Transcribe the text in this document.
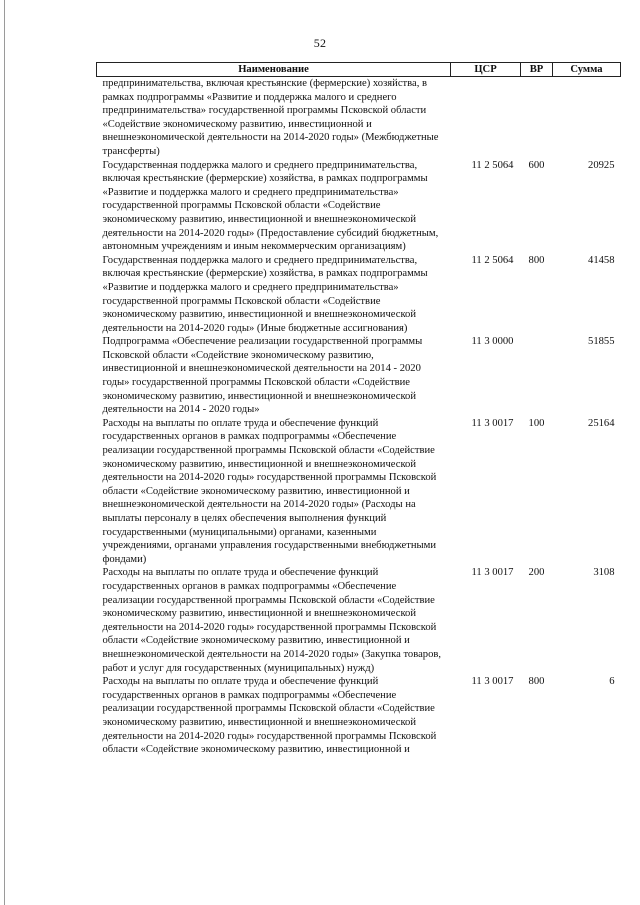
52
Наименование	ЦСР	ВР	Сумма
предпринимательства, включая крестьянские (фермерские) хозяйства, в рамках подпрограммы «Развитие и поддержка малого и среднего предпринимательства» государственной программы Псковской области «Содействие экономическому развитию, инвестиционной и внешнеэкономической деятельности на 2014-2020 годы» (Межбюджетные трансферты)			
Государственная поддержка малого и среднего предпринимательства, включая крестьянские (фермерские) хозяйства, в рамках подпрограммы «Развитие и поддержка малого и среднего предпринимательства» государственной программы Псковской области «Содействие экономическому развитию, инвестиционной и внешнеэкономической деятельности на 2014-2020 годы» (Предоставление субсидий бюджетным, автономным учреждениям и иным некоммерческим организациям)	11 2 5064	600	20925
Государственная поддержка малого и среднего предпринимательства, включая крестьянские (фермерские) хозяйства, в рамках подпрограммы «Развитие и поддержка малого и среднего предпринимательства» государственной программы Псковской области «Содействие экономическому развитию, инвестиционной и внешнеэкономической деятельности на 2014-2020 годы» (Иные бюджетные ассигнования)	11 2 5064	800	41458
Подпрограмма «Обеспечение реализации государственной программы Псковской области «Содействие экономическому развитию, инвестиционной и внешнеэкономической деятельности на 2014 - 2020 годы» государственной программы Псковской области «Содействие экономическому развитию, инвестиционной и внешнеэкономической деятельности на 2014 - 2020 годы»	11 3 0000		51855
Расходы на выплаты по оплате труда и обеспечение функций государственных органов в рамках подпрограммы «Обеспечение реализации государственной программы Псковской области «Содействие экономическому развитию, инвестиционной и внешнеэкономической деятельности на 2014-2020 годы» государственной программы Псковской области «Содействие экономическому развитию, инвестиционной и внешнеэкономической деятельности на 2014-2020 годы» (Расходы на выплаты персоналу в целях обеспечения выполнения функций государственными (муниципальными) органами, казенными учреждениями, органами управления государственными внебюджетными фондами)	11 3 0017	100	25164
Расходы на выплаты по оплате труда и обеспечение функций государственных органов в рамках подпрограммы «Обеспечение реализации государственной программы Псковской области «Содействие экономическому развитию, инвестиционной и внешнеэкономической деятельности на 2014-2020 годы» государственной программы Псковской области «Содействие экономическому развитию, инвестиционной и внешнеэкономической деятельности на 2014-2020 годы» (Закупка товаров, работ и услуг для государственных (муниципальных) нужд)	11 3 0017	200	3108
Расходы на выплаты по оплате труда и обеспечение функций государственных органов в рамках подпрограммы «Обеспечение реализации государственной программы Псковской области «Содействие экономическому развитию, инвестиционной и внешнеэкономической деятельности на 2014-2020 годы» государственной программы Псковской области «Содействие экономическому развитию, инвестиционной и	11 3 0017	800	6
